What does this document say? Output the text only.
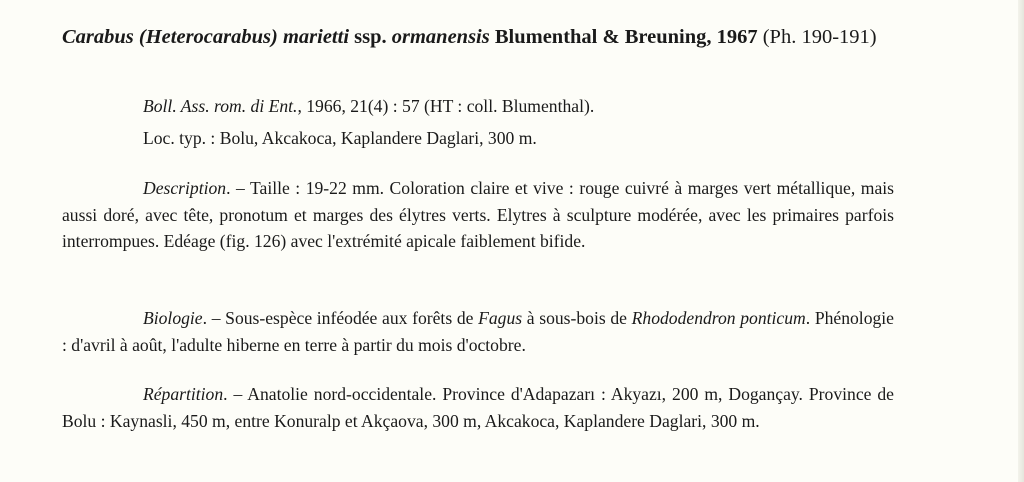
Carabus (Heterocarabus) marietti ssp. ormanensis Blumenthal & Breuning, 1967 (Ph. 190-191)
Boll. Ass. rom. di Ent., 1966, 21(4) : 57 (HT : coll. Blumenthal).
Loc. typ. : Bolu, Akcakoca, Kaplandere Daglari, 300 m.
Description. – Taille : 19-22 mm. Coloration claire et vive : rouge cuivré à marges vert métallique, mais aussi doré, avec tête, pronotum et marges des élytres verts. Elytres à sculpture modérée, avec les primaires parfois interrompues. Edéage (fig. 126) avec l'extrémité apicale faiblement bifide.
Biologie. – Sous-espèce inféodée aux forêts de Fagus à sous-bois de Rhododendron ponticum. Phénologie : d'avril à août, l'adulte hiberne en terre à partir du mois d'octobre.
Répartition. – Anatolie nord-occidentale. Province d'Adapazarı : Akyazı, 200 m, Dogançay. Province de Bolu : Kaynasli, 450 m, entre Konuralp et Akçaova, 300 m, Akcakoca, Kaplandere Daglari, 300 m.
